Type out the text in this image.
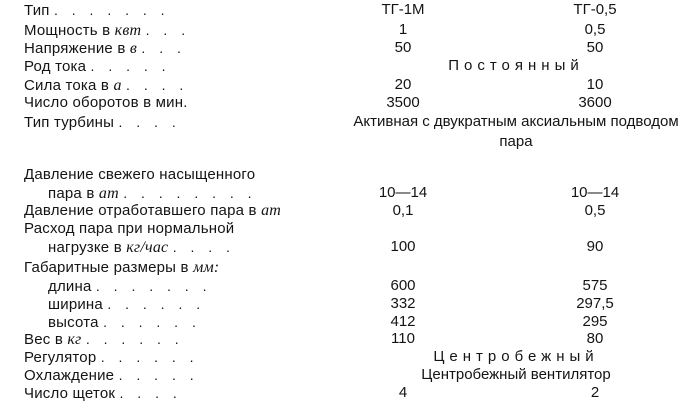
Тип . . . . . . .	ТГ-1М	ТГ-0,5
Мощность в квт . . .	1	0,5
Напряжение в в . . .	50	50
Род тока . . . . .	Постоянный
Сила тока в а . . . .	20	10
Число оборотов в мин.	3500	3600
Тип турбины . . . .	Активная с двукратным аксиальным подводом пара
Давление свежего насыщенного
пара в ат . . . . . . . .	10—14	10—14
Давление отработавшего пара в ат	0,1	0,5
Расход пара при нормальной
нагрузке в кг/час . . . .	100	90
Габаритные размеры в мм:
длина . . . . . . .	600	575
ширина . . . . . .	332	297,5
высота . . . . . .	412	295
Вес в кг . . . . . .	110	80
Регулятор . . . . . .	Центробежный
Охлаждение . . . . .	Центробежный вентилятор
Число щеток . . . .	4	2
